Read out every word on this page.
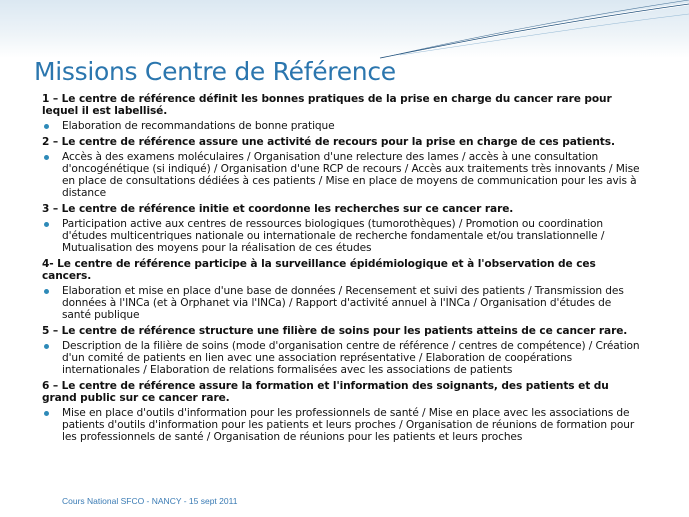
Missions Centre de Référence

1 – Le centre de référence définit les bonnes pratiques de la prise en charge du cancer rare pour lequel il est labellisé.

Elaboration de recommandations de bonne pratique

2 – Le centre de référence assure une activité de recours pour la prise en charge de ces patients.

Accès à des examens moléculaires / Organisation d'une relecture des lames / accès à une consultation d'oncogénétique (si indiqué) / Organisation d'une RCP de recours / Accès aux traitements très innovants / Mise en place de consultations dédiées à ces patients / Mise en place de moyens de communication pour les avis à distance

3 – Le centre de référence initie et coordonne les recherches sur ce cancer rare.

Participation active aux centres de ressources biologiques (tumorothèques) / Promotion ou coordination d'études multicentriques nationale ou internationale de recherche fondamentale et/ou translationnelle / Mutualisation des moyens pour la réalisation de ces études

4- Le centre de référence participe à la surveillance épidémiologique et à l'observation de ces cancers.

Elaboration et mise en place d'une base de données / Recensement et suivi des patients / Transmission des données à l'INCa (et à Orphanet via l'INCa) / Rapport d'activité annuel à l'INCa / Organisation d'études de santé publique

5 – Le centre de référence structure une filière de soins pour les patients atteins de ce cancer rare.

Description de la filière de soins (mode d'organisation centre de référence / centres de compétence) / Création d'un comité de patients en lien avec une association représentative / Elaboration de coopérations internationales / Elaboration de relations formalisées avec les associations de patients

6 – Le centre de référence assure la formation et l'information des soignants, des patients et du grand public sur ce cancer rare.

Mise en place d'outils d'information pour les professionnels de santé / Mise en place avec les associations de patients d'outils d'information pour les patients et leurs proches / Organisation de réunions de formation pour les professionnels de santé / Organisation de réunions pour les patients et leurs proches

Cours National SFCO - NANCY - 15 sept 2011
